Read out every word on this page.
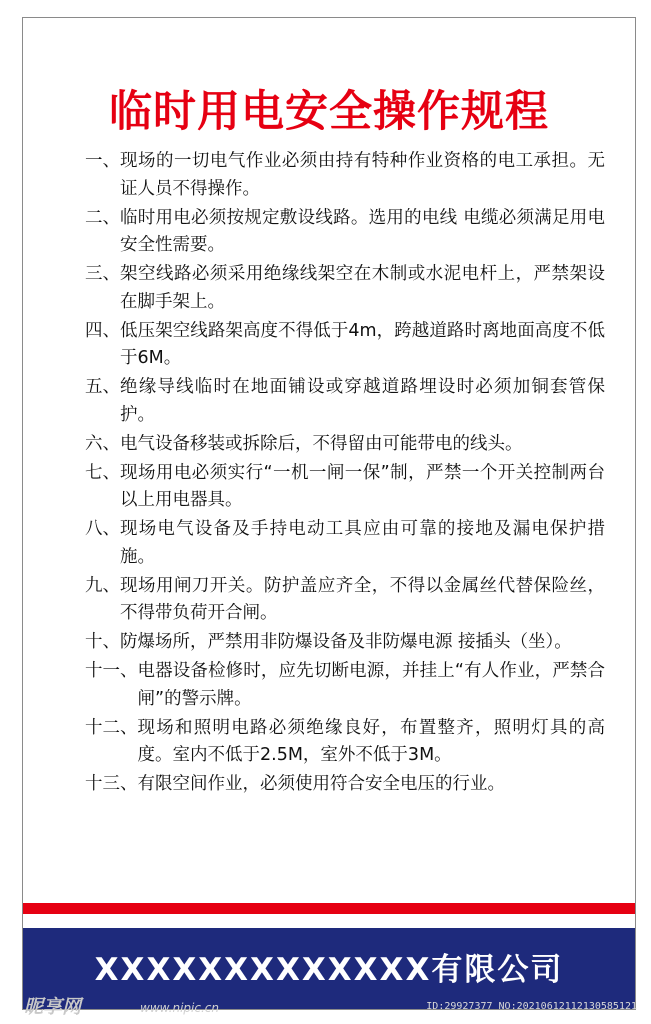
临时用电安全操作规程
一、 现场的一切电气作业必须由持有特种作业资格的电工承担。无证人员不得操作。
二、 临时用电必须按规定敷设线路。选用的电线 电缆必须满足用电安全性需要。
三、 架空线路必须采用绝缘线架空在木制或水泥电杆上，严禁架设在脚手架上。
四、 低压架空线路架高度不得低于4m，跨越道路时离地面高度不低于6M。
五、 绝缘导线临时在地面铺设或穿越道路埋设时必须加铜套管保护。
六、 电气设备移装或拆除后，不得留由可能带电的线头。
七、 现场用电必须实行“一机一闸一保”制，严禁一个开关控制两台以上用电器具。
八、 现场电气设备及手持电动工具应由可靠的接地及漏电保护措施。
九、 现场用闸刀开关。防护盖应齐全，不得以金属丝代替保险丝，不得带负荷开合闸。
十、 防爆场所，严禁用非防爆设备及非防爆电源 接插头（坐）。
十一、 电器设备检修时，应先切断电源，并挂上“有人作业，严禁合闸”的警示牌。
十二、 现场和照明电路必须绝缘良好，布置整齐，照明灯具的高度。室内不低于2.5M，室外不低于3M。
十三、 有限空间作业，必须使用符合安全电压的行业。

XXXXXXXXXXXXX有限公司

昵享网	www.nipic.cn	ID:29927377 NO:20210612112130585121
